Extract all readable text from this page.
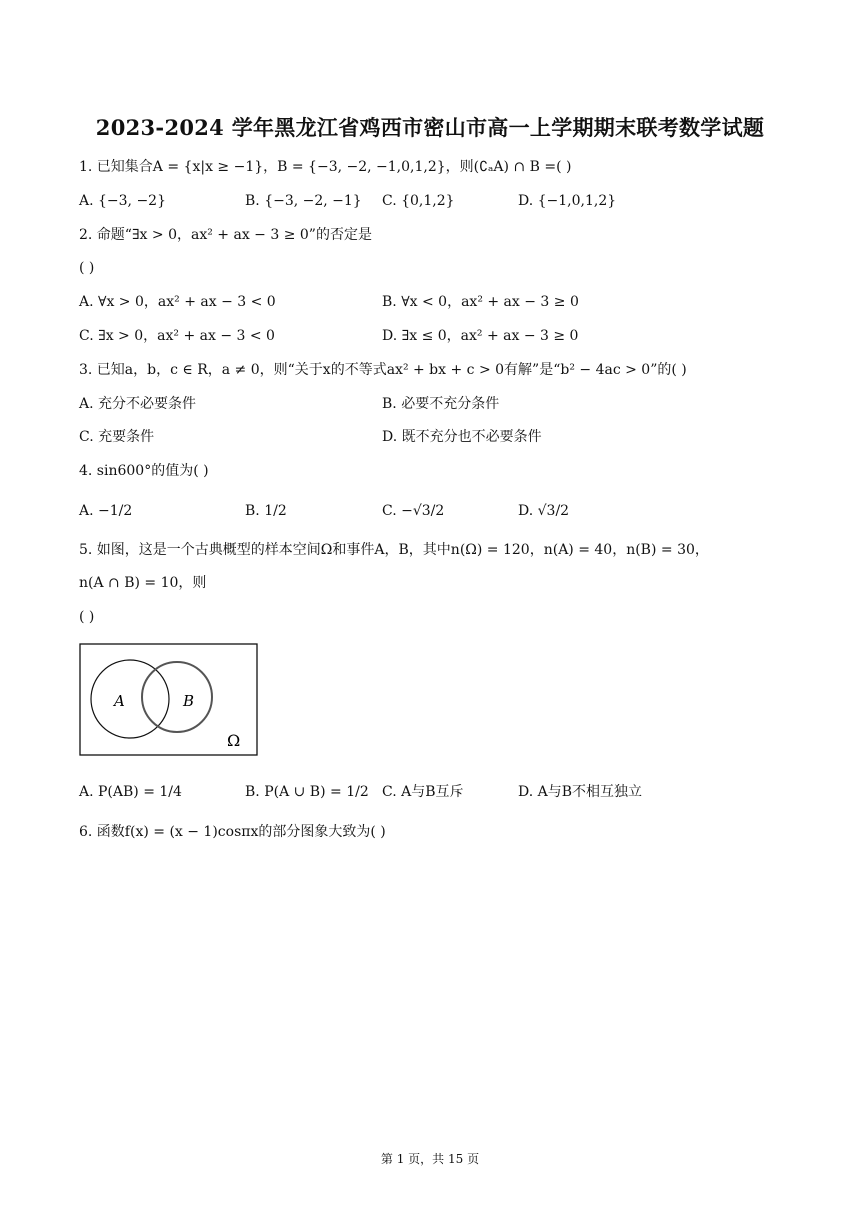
2023-2024 学年黑龙江省鸡西市密山市高一上学期期末联考数学试题
1. 已知集合A = {x|x ≥ −1}，B = {−3, −2, −1,0,1,2}，则(∁ₐA) ∩ B =( )
A. {−3, −2}	B. {−3, −2, −1} C. {0,1,2}	D. {−1,0,1,2}
2. 命题“∃x > 0，ax² + ax − 3 ≥ 0”的否定是
( )
A. ∀x > 0，ax² + ax − 3 < 0	B. ∀x < 0，ax² + ax − 3 ≥ 0
C. ∃x > 0，ax² + ax − 3 < 0	D. ∃x ≤ 0，ax² + ax − 3 ≥ 0
3. 已知a，b，c ∈ R，a ≠ 0，则“关于x的不等式ax² + bx + c > 0有解”是“b² − 4ac > 0”的( )
A. 充分不必要条件	B. 必要不充分条件
C. 充要条件	D. 既不充分也不必要条件
4. sin600°的值为( )
A. −1/2	B. 1/2	C. −√3/2	D. √3/2
5. 如图，这是一个古典概型的样本空间Ω和事件A，B，其中n(Ω) = 120，n(A) = 40，n(B) = 30，
n(A ∩ B) = 10，则
( )
A	B
Ω
A. P(AB) = 1/4	B. P(A ∪ B) = 1/2 C. A与B互斥	D. A与B不相互独立
6. 函数f(x) = (x − 1)cosπx的部分图象大致为( )
第 1 页，共 15 页
